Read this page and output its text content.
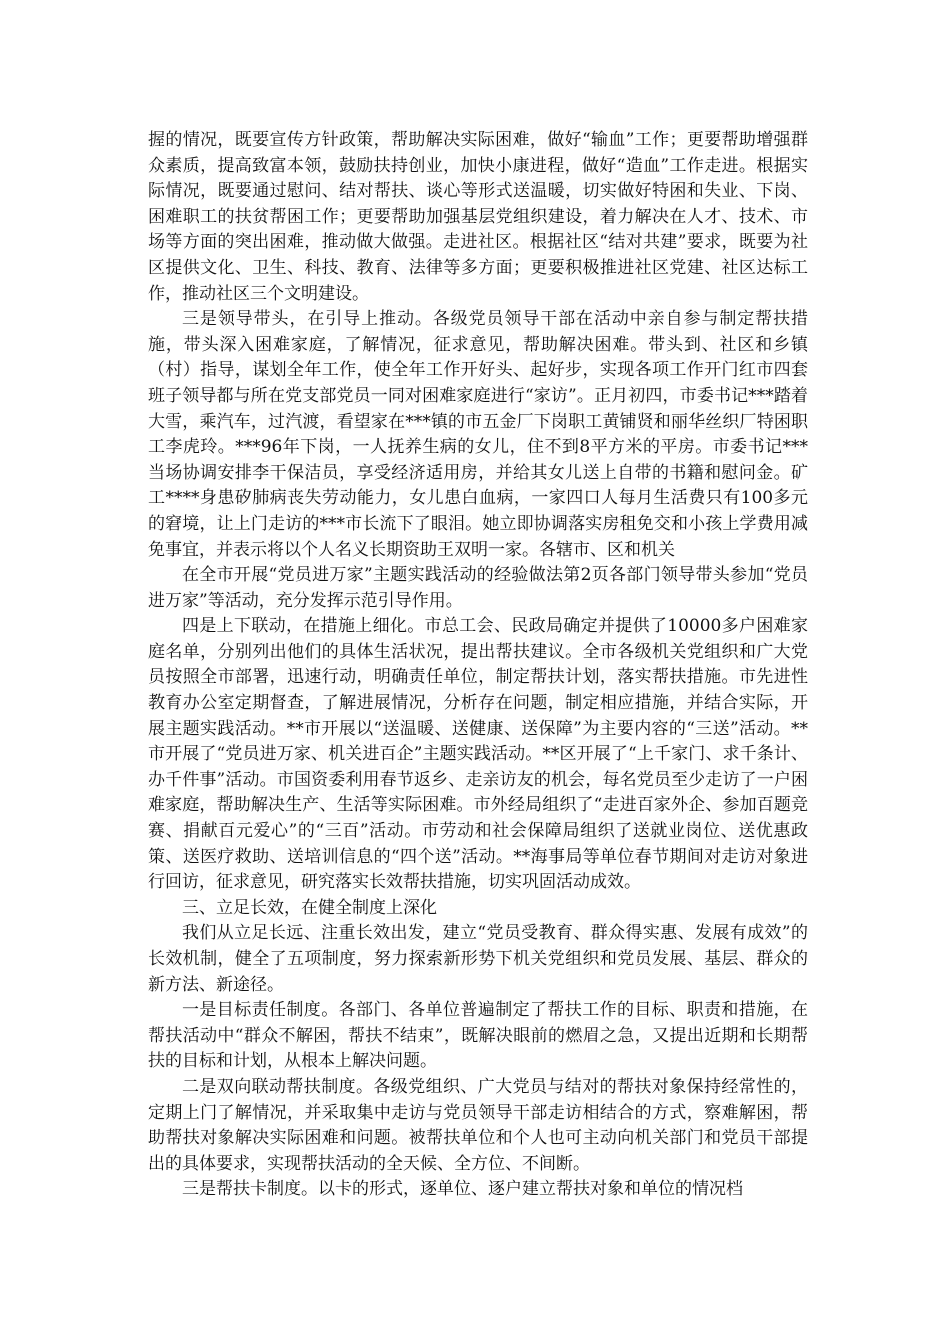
握的情况，既要宣传方针政策，帮助解决实际困难，做好“输血”工作；更要帮助增强群众素质，提高致富本领，鼓励扶持创业，加快小康进程，做好“造血”工作走进。根据实际情况，既要通过慰问、结对帮扶、谈心等形式送温暖，切实做好特困和失业、下岗、困难职工的扶贫帮困工作；更要帮助加强基层党组织建设，着力解决在人才、技术、市场等方面的突出困难，推动做大做强。走进社区。根据社区“结对共建”要求，既要为社区提供文化、卫生、科技、教育、法律等多方面；更要积极推进社区党建、社区达标工作，推动社区三个文明建设。

三是领导带头，在引导上推动。各级党员领导干部在活动中亲自参与制定帮扶措施，带头深入困难家庭，了解情况，征求意见，帮助解决困难。带头到、社区和乡镇（村）指导，谋划全年工作，使全年工作开好头、起好步，实现各项工作开门红市四套班子领导都与所在党支部党员一同对困难家庭进行“家访”。正月初四，市委书记***踏着大雪，乘汽车，过汽渡，看望家在***镇的市五金厂下岗职工黄铺贤和丽华丝织厂特困职工李虎玲。***96年下岗，一人抚养生病的女儿，住不到8平方米的平房。市委书记***当场协调安排李干保洁员，享受经济适用房，并给其女儿送上自带的书籍和慰问金。矿工****身患矽肺病丧失劳动能力，女儿患白血病，一家四口人每月生活费只有100多元的窘境，让上门走访的***市长流下了眼泪。她立即协调落实房租免交和小孩上学费用减免事宜，并表示将以个人名义长期资助王双明一家。各辖市、区和机关

在全市开展“党员进万家”主题实践活动的经验做法第2页各部门领导带头参加“党员进万家”等活动，充分发挥示范引导作用。

四是上下联动，在措施上细化。市总工会、民政局确定并提供了10000多户困难家庭名单，分别列出他们的具体生活状况，提出帮扶建议。全市各级机关党组织和广大党员按照全市部署，迅速行动，明确责任单位，制定帮扶计划，落实帮扶措施。市先进性教育办公室定期督查，了解进展情况，分析存在问题，制定相应措施，并结合实际，开展主题实践活动。**市开展以“送温暖、送健康、送保障”为主要内容的“三送”活动。**市开展了“党员进万家、机关进百企”主题实践活动。**区开展了“上千家门、求千条计、办千件事”活动。市国资委利用春节返乡、走亲访友的机会，每名党员至少走访了一户困难家庭，帮助解决生产、生活等实际困难。市外经局组织了“走进百家外企、参加百题竞赛、捐献百元爱心”的“三百”活动。市劳动和社会保障局组织了送就业岗位、送优惠政策、送医疗救助、送培训信息的“四个送”活动。**海事局等单位春节期间对走访对象进行回访，征求意见，研究落实长效帮扶措施，切实巩固活动成效。

三、立足长效，在健全制度上深化

我们从立足长远、注重长效出发，建立“党员受教育、群众得实惠、发展有成效”的长效机制，健全了五项制度，努力探索新形势下机关党组织和党员发展、基层、群众的新方法、新途径。

一是目标责任制度。各部门、各单位普遍制定了帮扶工作的目标、职责和措施，在帮扶活动中“群众不解困，帮扶不结束”，既解决眼前的燃眉之急，又提出近期和长期帮扶的目标和计划，从根本上解决问题。

二是双向联动帮扶制度。各级党组织、广大党员与结对的帮扶对象保持经常性的，定期上门了解情况，并采取集中走访与党员领导干部走访相结合的方式，察难解困，帮助帮扶对象解决实际困难和问题。被帮扶单位和个人也可主动向机关部门和党员干部提出的具体要求，实现帮扶活动的全天候、全方位、不间断。

三是帮扶卡制度。以卡的形式，逐单位、逐户建立帮扶对象和单位的情况档
